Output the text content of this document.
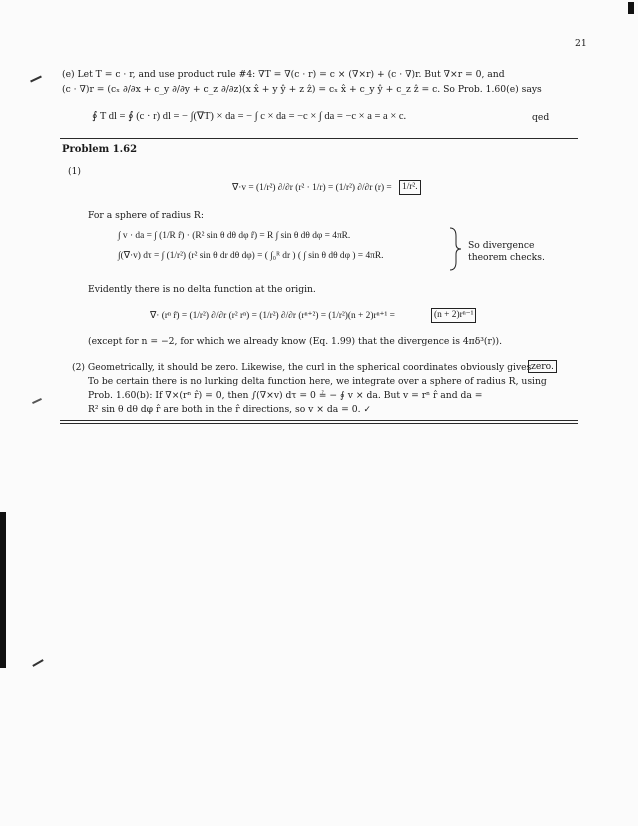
21
(e) Let T = c · r, and use product rule #4: ∇T = ∇(c · r) = c × (∇×r) + (c · ∇)r. But ∇×r = 0, and
(c · ∇)r = (cₓ ∂/∂x + c_y ∂/∂y + c_z ∂/∂z)(x x̂ + y ŷ + z ẑ) = cₓ x̂ + c_y ŷ + c_z ẑ = c. So Prob. 1.60(e) says
∮ T dl = ∮ (c · r) dl = − ∫(∇T) × da = − ∫ c × da = −c × ∫ da = −c × a = a × c.	qed
Problem 1.62
(1)
∇·v = (1/r²) ∂/∂r (r² · 1/r) = (1/r²) ∂/∂r (r) =	1/r².
For a sphere of radius R:
∫ v · da = ∫ (1/R r̂) · (R² sin θ dθ dφ r̂) = R ∫ sin θ dθ dφ = 4πR.
∫(∇·v) dτ = ∫ (1/r²) (r² sin θ dr dθ dφ) = ( ∫₀ᴿ dr ) ( ∫ sin θ dθ dφ ) = 4πR.
So divergence
theorem checks.
Evidently there is no delta function at the origin.
∇· (rⁿ r̂) = (1/r²) ∂/∂r (r² rⁿ) = (1/r²) ∂/∂r (rⁿ⁺²) = (1/r²)(n + 2)rⁿ⁺¹ =	(n + 2)rⁿ⁻¹
(except for n = −2, for which we already know (Eq. 1.99) that the divergence is 4πδ³(r)).
(2) Geometrically, it should be zero. Likewise, the curl in the spherical coordinates obviously gives zero.
To be certain there is no lurking delta function here, we integrate over a sphere of radius R, using
Prob. 1.60(b): If ∇×(rⁿ r̂) = 0, then ∫(∇×v) dτ = 0 ≟ − ∮ v × da. But v = rⁿ r̂ and da =
R² sin θ dθ dφ r̂ are both in the r̂ directions, so v × da = 0. ✓
